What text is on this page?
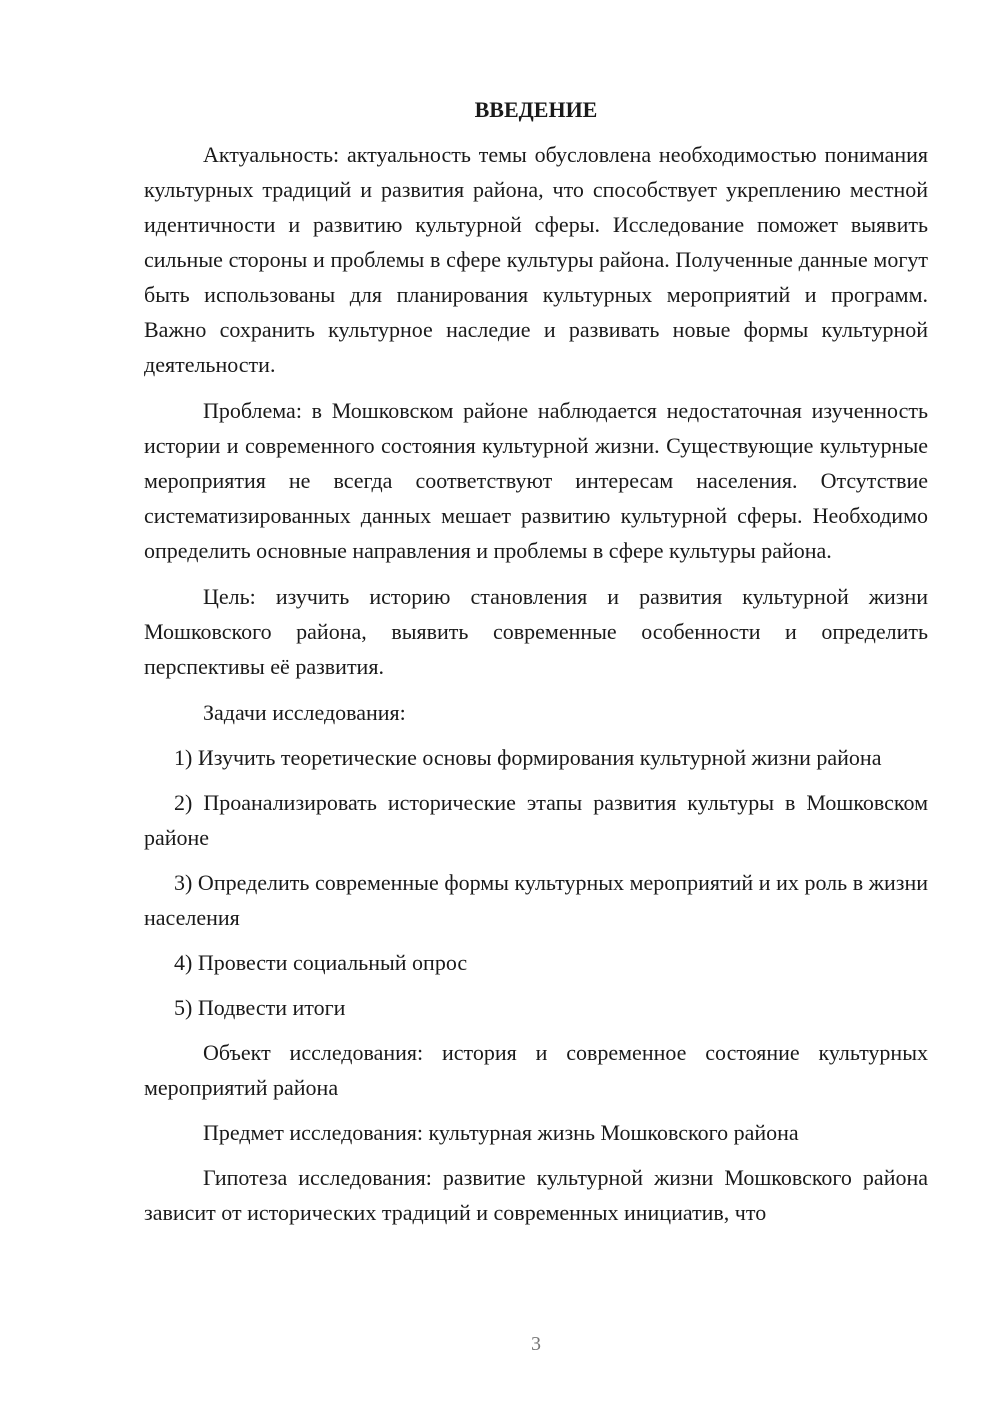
ВВЕДЕНИЕ

Актуальность: актуальность темы обусловлена необходимостью понимания культурных традиций и развития района, что способствует укреплению местной идентичности и развитию культурной сферы. Исследование поможет выявить сильные стороны и проблемы в сфере культуры района. Полученные данные могут быть использованы для планирования культурных мероприятий и программ. Важно сохранить культурное наследие и развивать новые формы культурной деятельности.

Проблема: в Мошковском районе наблюдается недостаточная изученность истории и современного состояния культурной жизни. Существующие культурные мероприятия не всегда соответствуют интересам населения. Отсутствие систематизированных данных мешает развитию культурной сферы. Необходимо определить основные направления и проблемы в сфере культуры района.

Цель: изучить историю становления и развития культурной жизни Мошковского района, выявить современные особенности и определить перспективы её развития.

Задачи исследования:

1) Изучить теоретические основы формирования культурной жизни района

2) Проанализировать исторические этапы развития культуры в Мошковском районе

3) Определить современные формы культурных мероприятий и их роль в жизни населения

4) Провести социальный опрос

5) Подвести итоги

Объект исследования: история и современное состояние культурных мероприятий района

Предмет исследования: культурная жизнь Мошковского района

Гипотеза исследования: развитие культурной жизни Мошковского района зависит от исторических традиций и современных инициатив, что

3
